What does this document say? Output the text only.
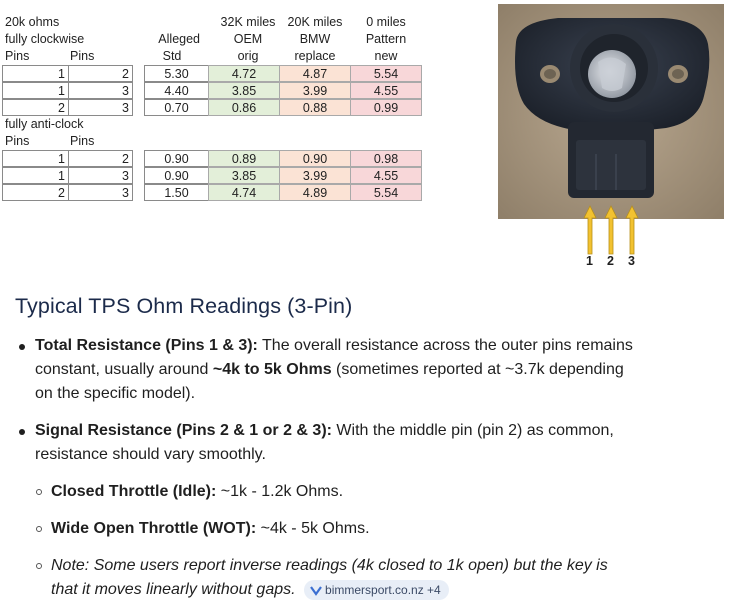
20k ohms
fully clockwise
Pins	Pins
Alleged
Std
32K miles
OEM
orig
20K miles
BMW
replace
0 miles
Pattern
new
1	2	5.30	4.72	4.87	5.54
1	3	4.40	3.85	3.99	4.55
2	3	0.70	0.86	0.88	0.99
fully anti-clock
Pins	Pins
1	2	0.90	0.89	0.90	0.98
1	3	0.90	3.85	3.99	4.55
2	3	1.50	4.74	4.89	5.54
1 2 3
Typical TPS Ohm Readings (3-Pin)
Total Resistance (Pins 1 & 3): The overall resistance across the outer pins remains
constant, usually around ~4k to 5k Ohms (sometimes reported at ~3.7k depending
on the specific model).
Signal Resistance (Pins 2 & 1 or 2 & 3): With the middle pin (pin 2) as common,
resistance should vary smoothly.
Closed Throttle (Idle): ~1k - 1.2k Ohms.
Wide Open Throttle (WOT): ~4k - 5k Ohms.
Note: Some users report inverse readings (4k closed to 1k open) but the key is
that it moves linearly without gaps. bimmersport.co.nz +4
